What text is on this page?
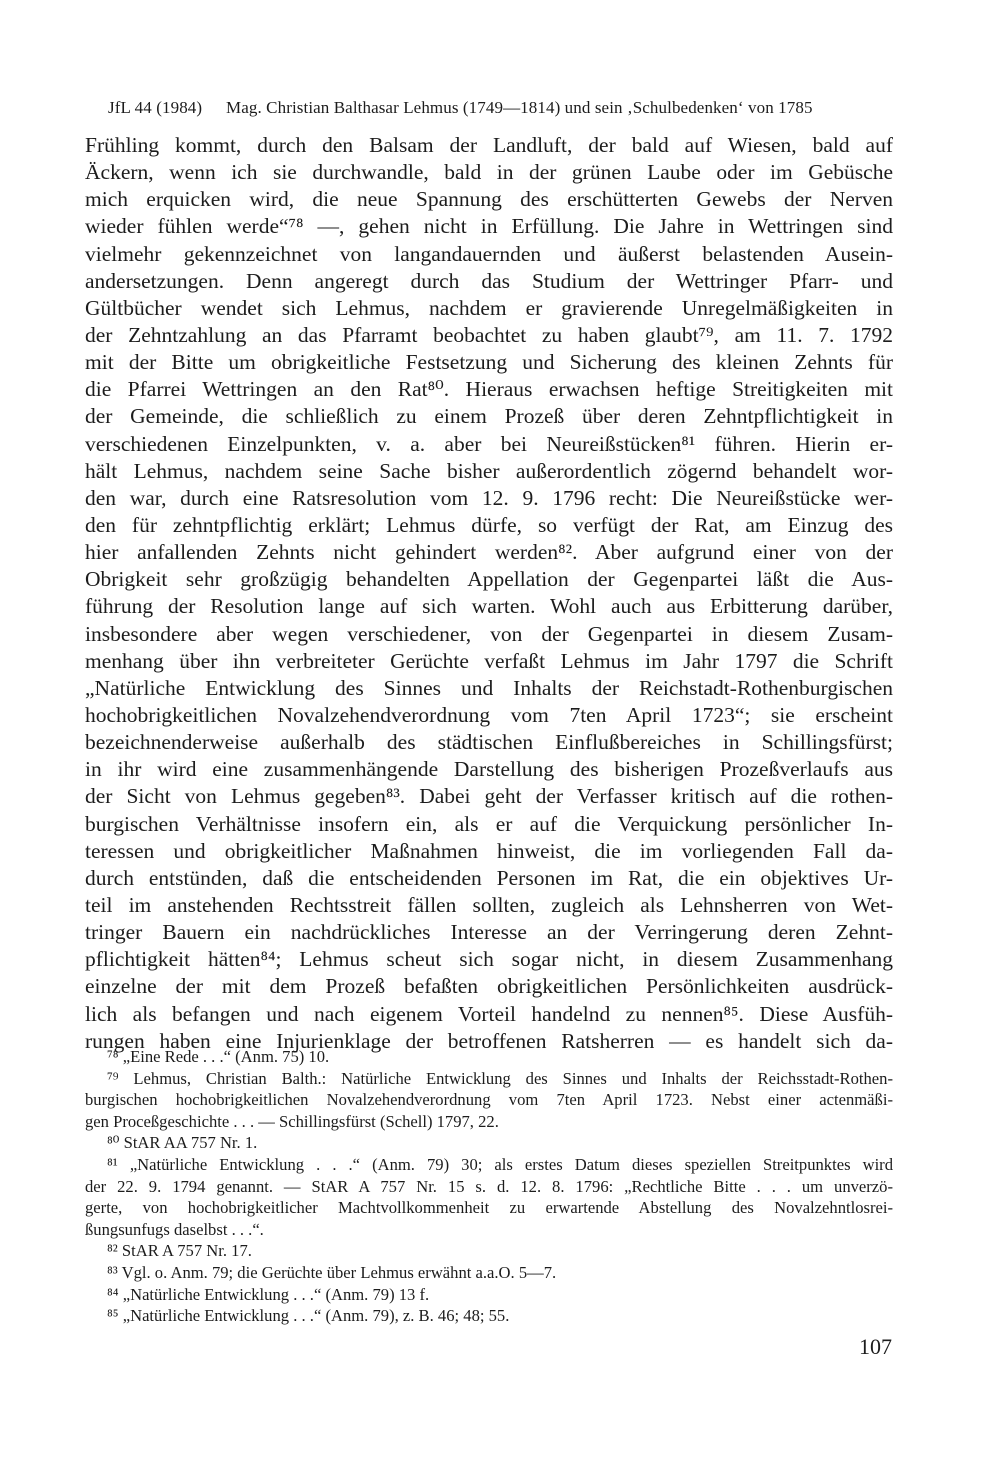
JfL 44 (1984) Mag. Christian Balthasar Lehmus (1749—1814) und sein ‚Schulbedenken‘ von 1785
Frühling kommt, durch den Balsam der Landluft, der bald auf Wiesen, bald auf
Äckern, wenn ich sie durchwandle, bald in der grünen Laube oder im Gebüsche
mich erquicken wird, die neue Spannung des erschütterten Gewebs der Nerven
wieder fühlen werde“⁷⁸ —, gehen nicht in Erfüllung. Die Jahre in Wettringen sind
vielmehr gekennzeichnet von langandauernden und äußerst belastenden Ausein-
andersetzungen. Denn angeregt durch das Studium der Wettringer Pfarr- und
Gültbücher wendet sich Lehmus, nachdem er gravierende Unregelmäßigkeiten in
der Zehntzahlung an das Pfarramt beobachtet zu haben glaubt⁷⁹, am 11. 7. 1792
mit der Bitte um obrigkeitliche Festsetzung und Sicherung des kleinen Zehnts für
die Pfarrei Wettringen an den Rat⁸⁰. Hieraus erwachsen heftige Streitigkeiten mit
der Gemeinde, die schließlich zu einem Prozeß über deren Zehntpflichtigkeit in
verschiedenen Einzelpunkten, v. a. aber bei Neureißstücken⁸¹ führen. Hierin er-
hält Lehmus, nachdem seine Sache bisher außerordentlich zögernd behandelt wor-
den war, durch eine Ratsresolution vom 12. 9. 1796 recht: Die Neureißstücke wer-
den für zehntpflichtig erklärt; Lehmus dürfe, so verfügt der Rat, am Einzug des
hier anfallenden Zehnts nicht gehindert werden⁸². Aber aufgrund einer von der
Obrigkeit sehr großzügig behandelten Appellation der Gegenpartei läßt die Aus-
führung der Resolution lange auf sich warten. Wohl auch aus Erbitterung darüber,
insbesondere aber wegen verschiedener, von der Gegenpartei in diesem Zusam-
menhang über ihn verbreiteter Gerüchte verfaßt Lehmus im Jahr 1797 die Schrift
„Natürliche Entwicklung des Sinnes und Inhalts der Reichstadt-Rothenburgischen
hochobrigkeitlichen Novalzehendverordnung vom 7ten April 1723“; sie erscheint
bezeichnenderweise außerhalb des städtischen Einflußbereiches in Schillingsfürst;
in ihr wird eine zusammenhängende Darstellung des bisherigen Prozeßverlaufs aus
der Sicht von Lehmus gegeben⁸³. Dabei geht der Verfasser kritisch auf die rothen-
burgischen Verhältnisse insofern ein, als er auf die Verquickung persönlicher In-
teressen und obrigkeitlicher Maßnahmen hinweist, die im vorliegenden Fall da-
durch entstünden, daß die entscheidenden Personen im Rat, die ein objektives Ur-
teil im anstehenden Rechtsstreit fällen sollten, zugleich als Lehnsherren von Wet-
tringer Bauern ein nachdrückliches Interesse an der Verringerung deren Zehnt-
pflichtigkeit hätten⁸⁴; Lehmus scheut sich sogar nicht, in diesem Zusammenhang
einzelne der mit dem Prozeß befaßten obrigkeitlichen Persönlichkeiten ausdrück-
lich als befangen und nach eigenem Vorteil handelnd zu nennen⁸⁵. Diese Ausfüh-
rungen haben eine Injurienklage der betroffenen Ratsherren — es handelt sich da-
⁷⁸ „Eine Rede . . .“ (Anm. 75) 10.
⁷⁹ Lehmus, Christian Balth.: Natürliche Entwicklung des Sinnes und Inhalts der Reichsstadt-Rothen-
burgischen hochobrigkeitlichen Novalzehendverordnung vom 7ten April 1723. Nebst einer actenmäßi-
gen Proceßgeschichte . . . — Schillingsfürst (Schell) 1797, 22.
⁸⁰ StAR AA 757 Nr. 1.
⁸¹ „Natürliche Entwicklung . . .“ (Anm. 79) 30; als erstes Datum dieses speziellen Streitpunktes wird
der 22. 9. 1794 genannt. — StAR A 757 Nr. 15 s. d. 12. 8. 1796: „Rechtliche Bitte . . . um unverzö-
gerte, von hochobrigkeitlicher Machtvollkommenheit zu erwartende Abstellung des Novalzehntlosrei-
ßungsunfugs daselbst . . .“.
⁸² StAR A 757 Nr. 17.
⁸³ Vgl. o. Anm. 79; die Gerüchte über Lehmus erwähnt a.a.O. 5—7.
⁸⁴ „Natürliche Entwicklung . . .“ (Anm. 79) 13 f.
⁸⁵ „Natürliche Entwicklung . . .“ (Anm. 79), z. B. 46; 48; 55.
107
